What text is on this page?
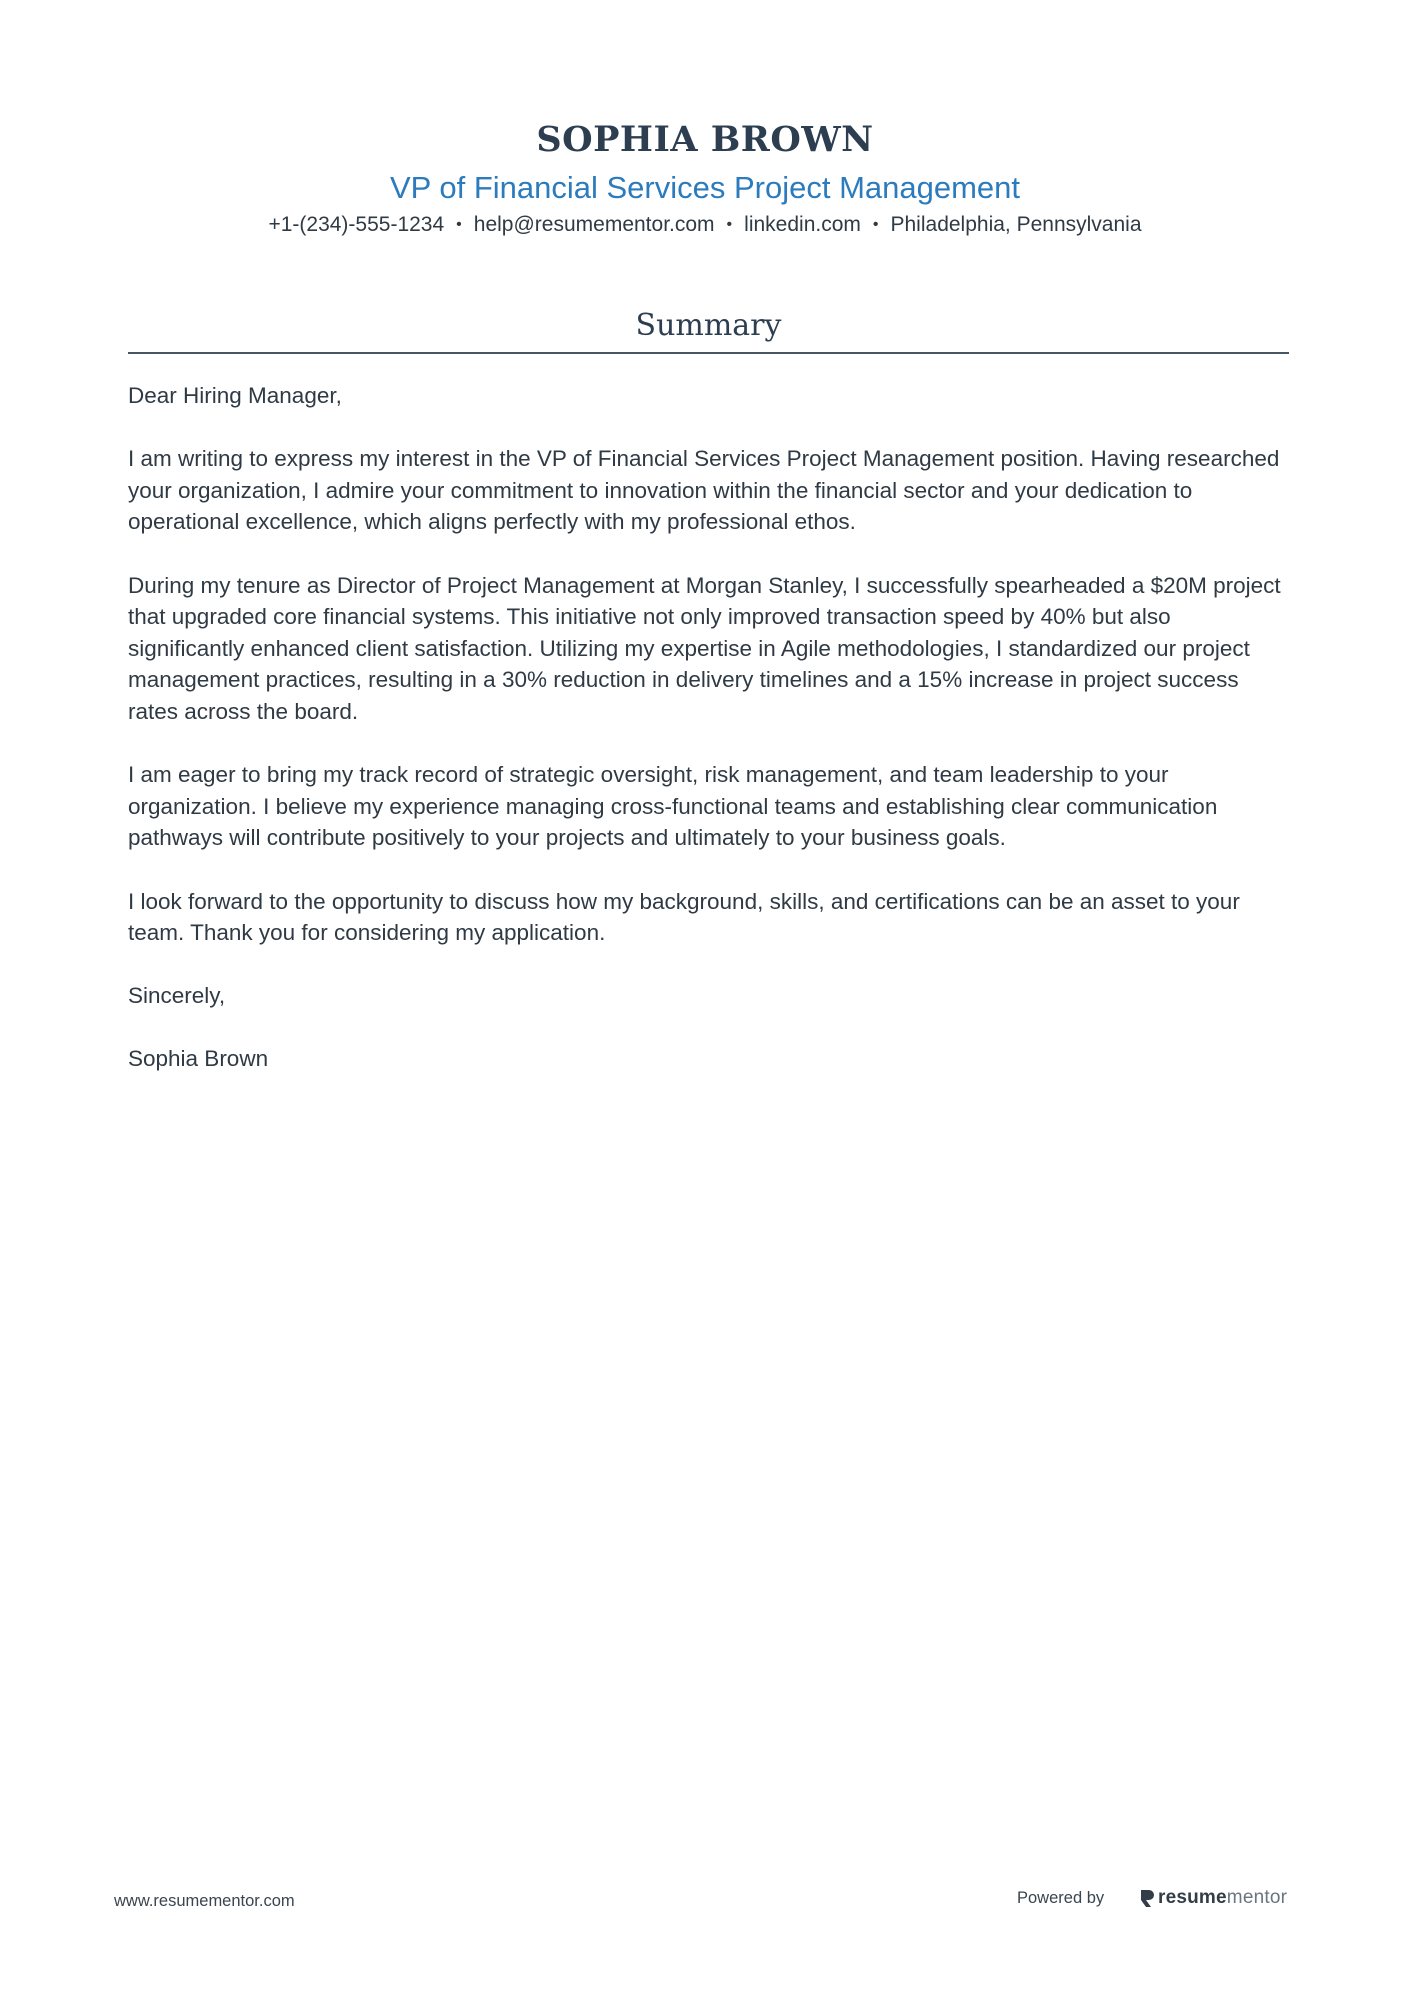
SOPHIA BROWN
VP of Financial Services Project Management
+1-(234)-555-1234 • help@resumementor.com • linkedin.com • Philadelphia, Pennsylvania
Summary

Dear Hiring Manager,

I am writing to express my interest in the VP of Financial Services Project Management position. Having researched your organization, I admire your commitment to innovation within the financial sector and your dedication to operational excellence, which aligns perfectly with my professional ethos.

During my tenure as Director of Project Management at Morgan Stanley, I successfully spearheaded a $20M project that upgraded core financial systems. This initiative not only improved transaction speed by 40% but also significantly enhanced client satisfaction. Utilizing my expertise in Agile methodologies, I standardized our project management practices, resulting in a 30% reduction in delivery timelines and a 15% increase in project success rates across the board.

I am eager to bring my track record of strategic oversight, risk management, and team leadership to your organization. I believe my experience managing cross-functional teams and establishing clear communication pathways will contribute positively to your projects and ultimately to your business goals.

I look forward to the opportunity to discuss how my background, skills, and certifications can be an asset to your team. Thank you for considering my application.

Sincerely,

Sophia Brown

www.resumementor.com	Powered by	resumementor
